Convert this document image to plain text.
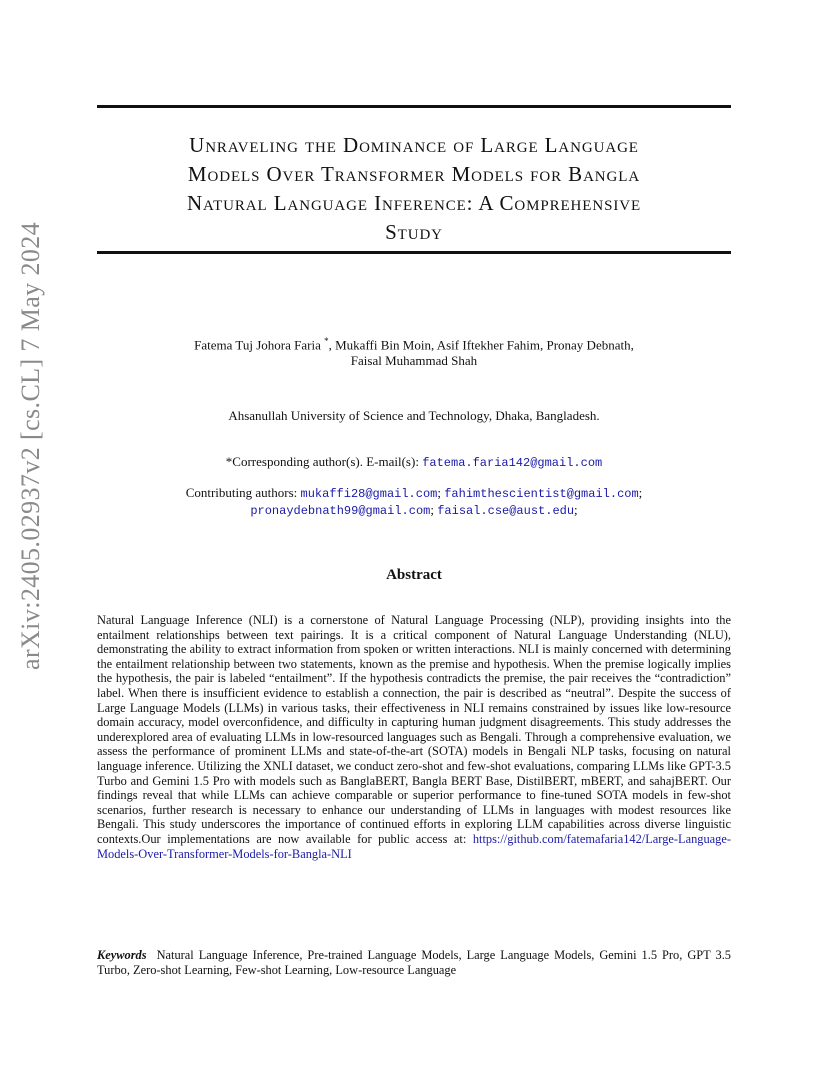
arXiv:2405.02937v2 [cs.CL] 7 May 2024
Unraveling the Dominance of Large Language
Models Over Transformer Models for Bangla
Natural Language Inference: A Comprehensive
Study
Fatema Tuj Johora Faria *, Mukaffi Bin Moin, Asif Iftekher Fahim, Pronay Debnath,
Faisal Muhammad Shah
Ahsanullah University of Science and Technology, Dhaka, Bangladesh.
*Corresponding author(s). E-mail(s): fatema.faria142@gmail.com
Contributing authors: mukaffi28@gmail.com; fahimthescientist@gmail.com;
pronaydebnath99@gmail.com; faisal.cse@aust.edu;
Abstract

Natural Language Inference (NLI) is a cornerstone of Natural Language Processing (NLP), providing insights into the entailment relationships between text pairings. It is a critical component of Natural Language Understanding (NLU), demonstrating the ability to extract information from spoken or written interactions. NLI is mainly concerned with determining the entailment relationship between two statements, known as the premise and hypothesis. When the premise logically implies the hypothesis, the pair is labeled “entailment”. If the hypothesis contradicts the premise, the pair receives the “contradiction” label. When there is insufficient evidence to establish a connection, the pair is described as “neutral”. Despite the success of Large Language Models (LLMs) in various tasks, their effectiveness in NLI remains constrained by issues like low-resource domain accuracy, model overconfidence, and difficulty in capturing human judgment disagreements. This study addresses the underexplored area of evaluating LLMs in low-resourced languages such as Bengali. Through a comprehensive evaluation, we assess the performance of prominent LLMs and state-of-the-art (SOTA) models in Bengali NLP tasks, focusing on natural language inference. Utilizing the XNLI dataset, we conduct zero-shot and few-shot evaluations, comparing LLMs like GPT-3.5 Turbo and Gemini 1.5 Pro with models such as BanglaBERT, Bangla BERT Base, DistilBERT, mBERT, and sahajBERT. Our findings reveal that while LLMs can achieve comparable or superior performance to fine-tuned SOTA models in few-shot scenarios, further research is necessary to enhance our understanding of LLMs in languages with modest resources like Bengali. This study underscores the importance of continued efforts in exploring LLM capabilities across diverse linguistic contexts.Our implementations are now available for public access at: https://github.com/fatemafaria142/Large-Language-Models-Over-Transformer-Models-for-Bangla-NLI

Keywords Natural Language Inference, Pre-trained Language Models, Large Language Models, Gemini 1.5 Pro, GPT 3.5 Turbo, Zero-shot Learning, Few-shot Learning, Low-resource Language
